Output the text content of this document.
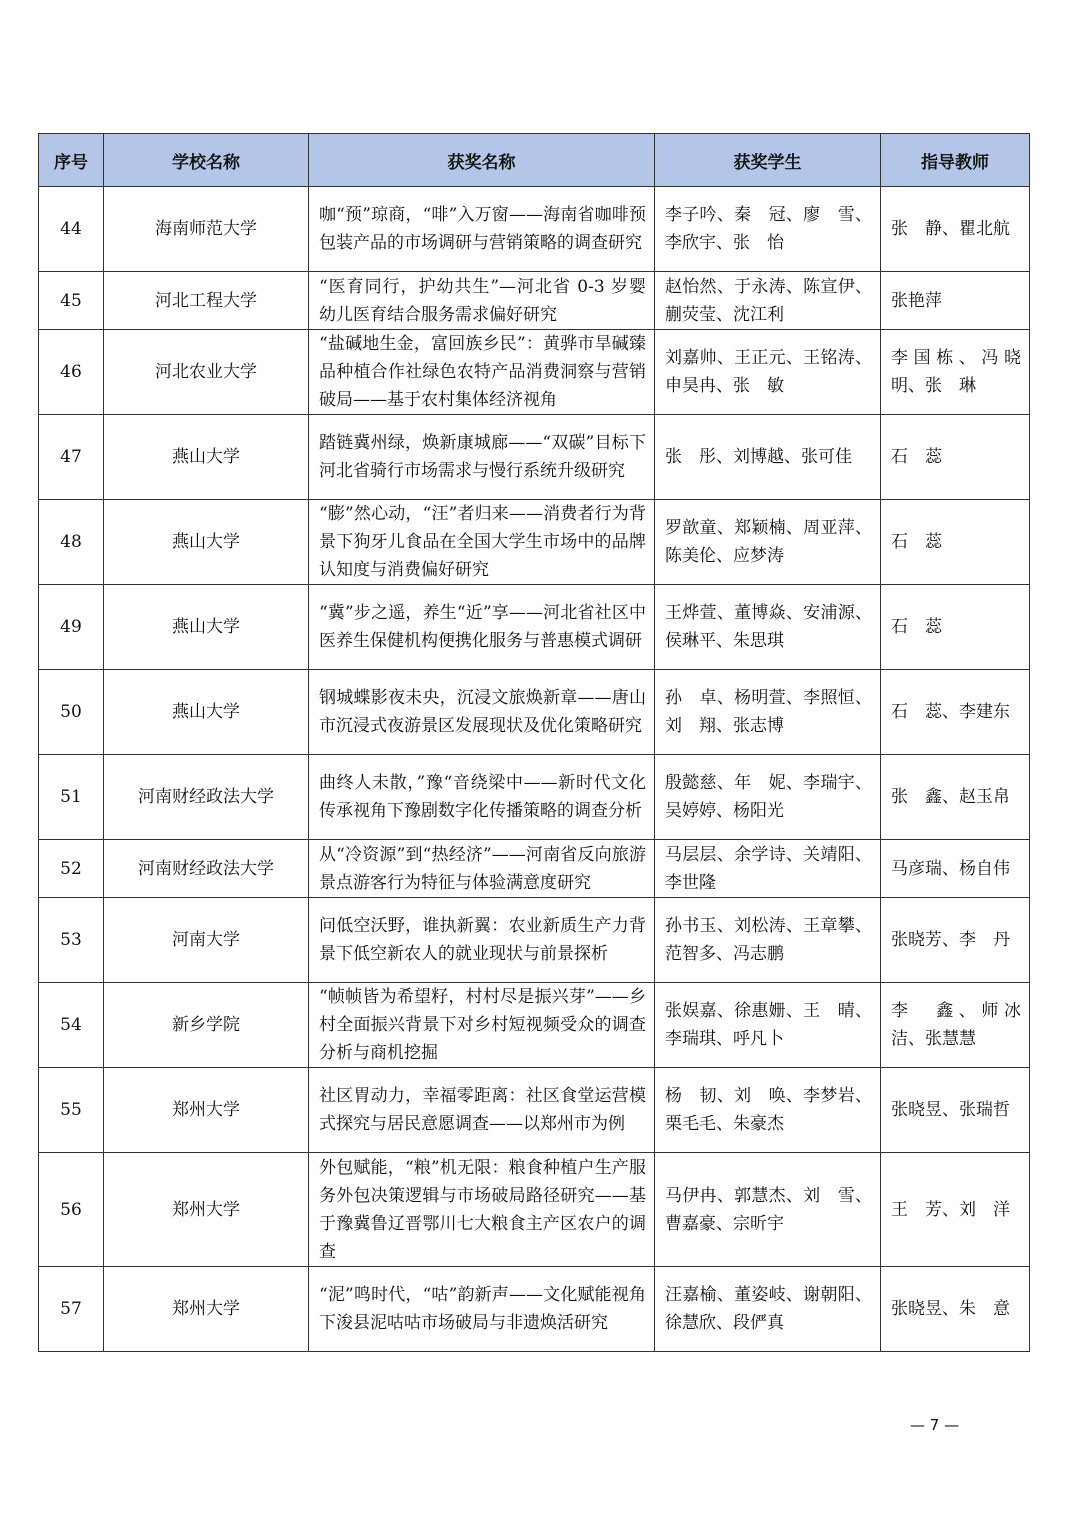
序号	学校名称	获奖名称	获奖学生	指导教师
44	海南师范大学	咖“预”琼商，“啡”入万窗——海南省咖啡预包装产品的市场调研与营销策略的调查研究	李子吟、秦　冠、廖　雪、李欣宇、张　怡	张　静、瞿北航
45	河北工程大学	“医育同行，护幼共生”—河北省 0-3 岁婴幼儿医育结合服务需求偏好研究	赵怡然、于永涛、陈宣伊、蒯荧莹、沈江利	张艳萍
46	河北农业大学	“盐碱地生金，富回族乡民”：黄骅市旱碱臻品种植合作社绿色农特产品消费洞察与营销破局——基于农村集体经济视角	刘嘉帅、王正元、王铭涛、申昊冉、张　敏	李国栋、冯晓明、张　琳
47	燕山大学	踏链冀州绿，焕新康城廊——“双碳”目标下河北省骑行市场需求与慢行系统升级研究	张　彤、刘博越、张可佳	石　蕊
48	燕山大学	“膨”然心动，“汪”者归来——消费者行为背景下狗牙儿食品在全国大学生市场中的品牌认知度与消费偏好研究	罗歆童、郑颖楠、周亚萍、陈美伦、应梦涛	石　蕊
49	燕山大学	“冀”步之遥，养生“近”享——河北省社区中医养生保健机构便携化服务与普惠模式调研	王烨萱、董博焱、安浦源、侯琳平、朱思琪	石　蕊
50	燕山大学	钢城蝶影夜未央，沉浸文旅焕新章——唐山市沉浸式夜游景区发展现状及优化策略研究	孙　卓、杨明萱、李照恒、刘　翔、张志博	石　蕊、李建东
51	河南财经政法大学	曲终人未散，”豫“音绕梁中——新时代文化传承视角下豫剧数字化传播策略的调查分析	殷懿慈、年　妮、李瑞宇、吴婷婷、杨阳光	张　鑫、赵玉帛
52	河南财经政法大学	从“冷资源”到“热经济”——河南省反向旅游景点游客行为特征与体验满意度研究	马层层、余学诗、关靖阳、李世隆	马彦瑞、杨自伟
53	河南大学	问低空沃野，谁执新翼：农业新质生产力背景下低空新农人的就业现状与前景探析	孙书玉、刘松涛、王章攀、范智多、冯志鹏	张晓芳、李　丹
54	新乡学院	“帧帧皆为希望籽，村村尽是振兴芽”——乡村全面振兴背景下对乡村短视频受众的调查分析与商机挖掘	张娱嘉、徐惠姗、王　晴、李瑞琪、呼凡卜	李　鑫、师冰洁、张慧慧
55	郑州大学	社区胃动力，幸福零距离：社区食堂运营模式探究与居民意愿调查——以郑州市为例	杨　韧、刘　唤、李梦岩、栗毛毛、朱豪杰	张晓昱、张瑞哲
56	郑州大学	外包赋能，“粮”机无限：粮食种植户生产服务外包决策逻辑与市场破局路径研究——基于豫冀鲁辽晋鄂川七大粮食主产区农户的调查	马伊冉、郭慧杰、刘　雪、曹嘉豪、宗昕宇	王　芳、刘　洋
57	郑州大学	“泥”鸣时代，“咕”韵新声——文化赋能视角下浚县泥咕咕市场破局与非遗焕活研究	汪嘉榆、董姿岐、谢朝阳、徐慧欣、段俨真	张晓昱、朱　意
— 7 —
